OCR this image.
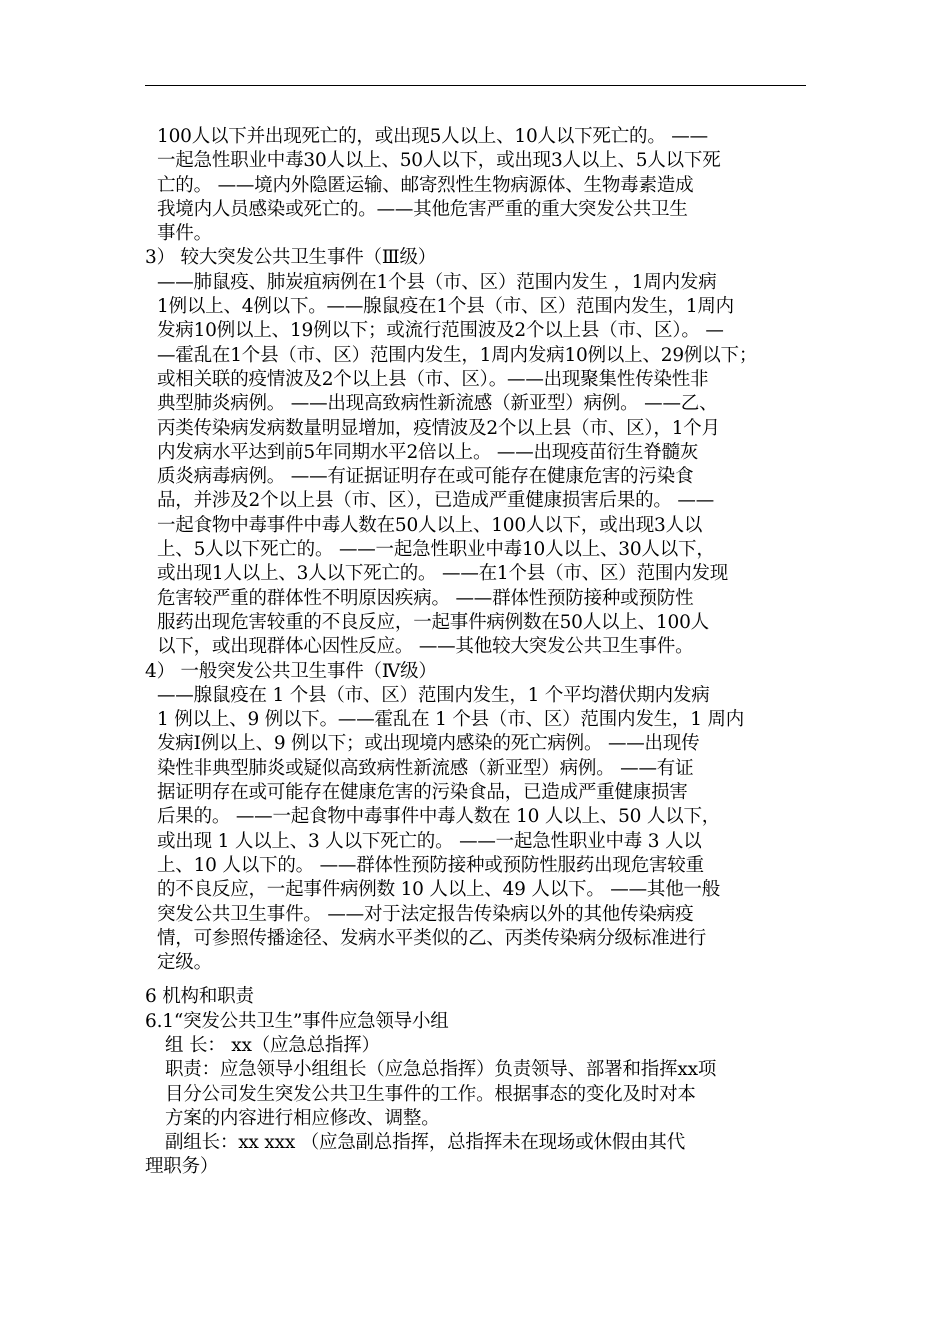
100人以下并出现死亡的，或出现5人以上、10人以下死亡的。 ——
一起急性职业中毒30人以上、50人以下，或出现3人以上、5人以下死
亡的。 ——境内外隐匿运输、邮寄烈性生物病源体、生物毒素造成
我境内人员感染或死亡的。——其他危害严重的重大突发公共卫生
事件。

3） 较大突发公共卫生事件（Ⅲ级）

——肺鼠疫、肺炭疽病例在1个县（市、区）范围内发生 ，1周内发病
1例以上、4例以下。——腺鼠疫在1个县（市、区）范围内发生，1周内
发病10例以上、19例以下；或流行范围波及2个以上县（市、区）。 —
—霍乱在1个县（市、区）范围内发生，1周内发病10例以上、29例以下；
或相关联的疫情波及2个以上县（市、区）。——出现聚集性传染性非
典型肺炎病例。 ——出现高致病性新流感（新亚型）病例。 ——乙、
丙类传染病发病数量明显增加，疫情波及2个以上县（市、区），1个月
内发病水平达到前5年同期水平2倍以上。 ——出现疫苗衍生脊髓灰
质炎病毒病例。 ——有证据证明存在或可能存在健康危害的污染食
品，并涉及2个以上县（市、区），已造成严重健康损害后果的。 ——
一起食物中毒事件中毒人数在50人以上、100人以下，或出现3人以
上、5人以下死亡的。 ——一起急性职业中毒10人以上、30人以下，
或出现1人以上、3人以下死亡的。 ——在1个县（市、区）范围内发现
危害较严重的群体性不明原因疾病。 ——群体性预防接种或预防性
服药出现危害较重的不良反应，一起事件病例数在50人以上、100人
以下，或出现群体心因性反应。 ——其他较大突发公共卫生事件。

4） 一般突发公共卫生事件（Ⅳ级）

——腺鼠疫在 1 个县（市、区）范围内发生，1 个平均潜伏期内发病
1 例以上、9 例以下。——霍乱在 1 个县（市、区）范围内发生，1 周内
发病Ⅰ例以上、9 例以下；或出现境内感染的死亡病例。 ——出现传
染性非典型肺炎或疑似高致病性新流感（新亚型）病例。 ——有证
据证明存在或可能存在健康危害的污染食品，已造成严重健康损害
后果的。 ——一起食物中毒事件中毒人数在 10 人以上、50 人以下，
或出现 1 人以上、3 人以下死亡的。 ——一起急性职业中毒 3 人以
上、10 人以下的。 ——群体性预防接种或预防性服药出现危害较重
的不良反应，一起事件病例数 10 人以上、49 人以下。 ——其他一般
突发公共卫生事件。 ——对于法定报告传染病以外的其他传染病疫
情，可参照传播途径、发病水平类似的乙、丙类传染病分级标准进行
定级。

6 机构和职责

6.1“突发公共卫生”事件应急领导小组

组 长： xx（应急总指挥）

职责：应急领导小组组长（应急总指挥）负责领导、部署和指挥xx项
目分公司发生突发公共卫生事件的工作。根据事态的变化及时对本
方案的内容进行相应修改、调整。

副组长：xx xxx （应急副总指挥，总指挥未在现场或休假由其代

理职务）
